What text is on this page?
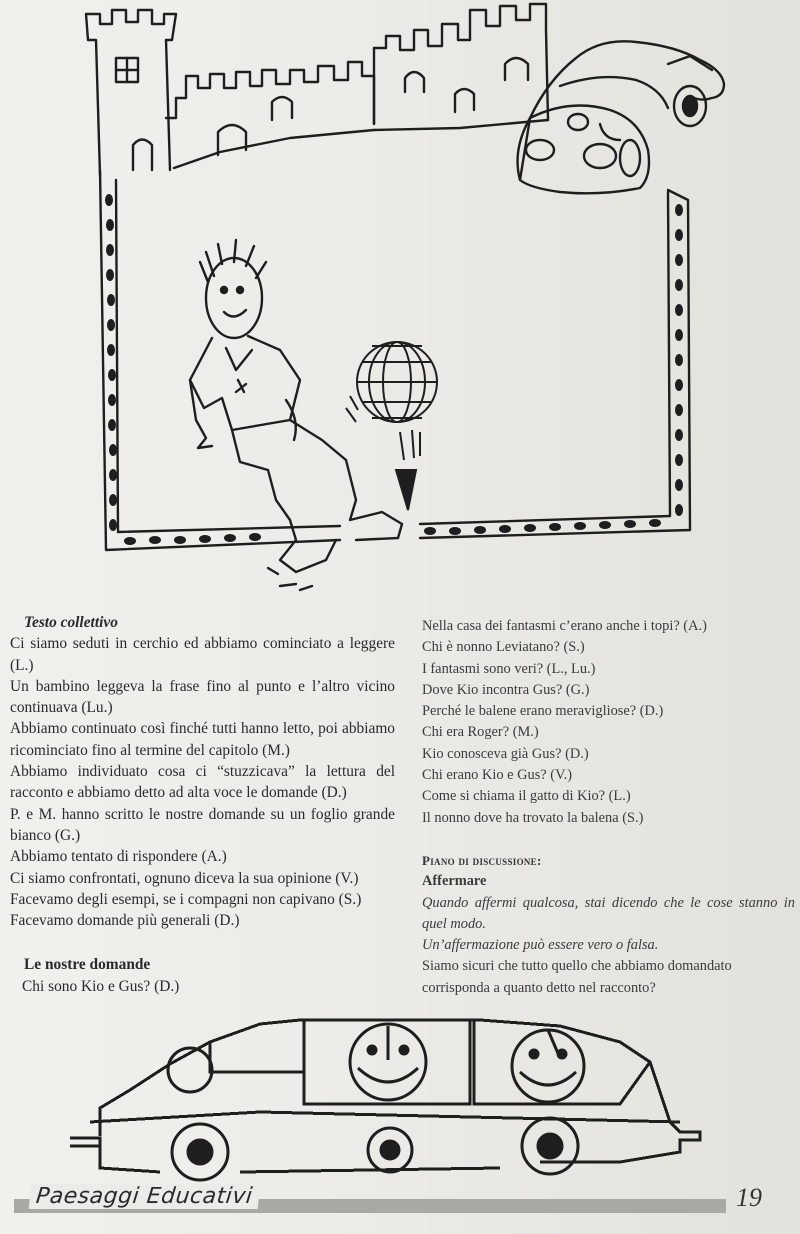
Testo collettivo

Ci siamo seduti in cerchio ed abbiamo cominciato a leggere (L.)

Un bambino leggeva la frase fino al punto e l’altro vicino continuava (Lu.)

Abbiamo continuato così finché tutti hanno letto, poi abbiamo ricominciato fino al termine del capitolo (M.)

Abbiamo individuato cosa ci “stuzzicava” la lettura del racconto e abbiamo detto ad alta voce le domande (D.)

P. e M. hanno scritto le nostre domande su un foglio grande bianco (G.)

Abbiamo tentato di rispondere (A.)

Ci siamo confrontati, ognuno diceva la sua opinione (V.)

Facevamo degli esempi, se i compagni non capivano (S.)

Facevamo domande più generali (D.)

Le nostre domande

Chi sono Kio e Gus? (D.)

Nella casa dei fantasmi c’erano anche i topi? (A.)

Chi è nonno Leviatano? (S.)

I fantasmi sono veri? (L., Lu.)

Dove Kio incontra Gus? (G.)

Perché le balene erano meravigliose? (D.)

Chi era Roger? (M.)

Kio conosceva già Gus? (D.)

Chi erano Kio e Gus? (V.)

Come si chiama il gatto di Kio? (L.)

Il nonno dove ha trovato la balena (S.)

Piano di discussione:

Affermare

Quando affermi qualcosa, stai dicendo che le cose stanno in quel modo.

Un’affermazione può essere vero o falsa.

Siamo sicuri che tutto quello che abbiamo domandato corrisponda a quanto detto nel racconto?

Paesaggi Educativi	19
